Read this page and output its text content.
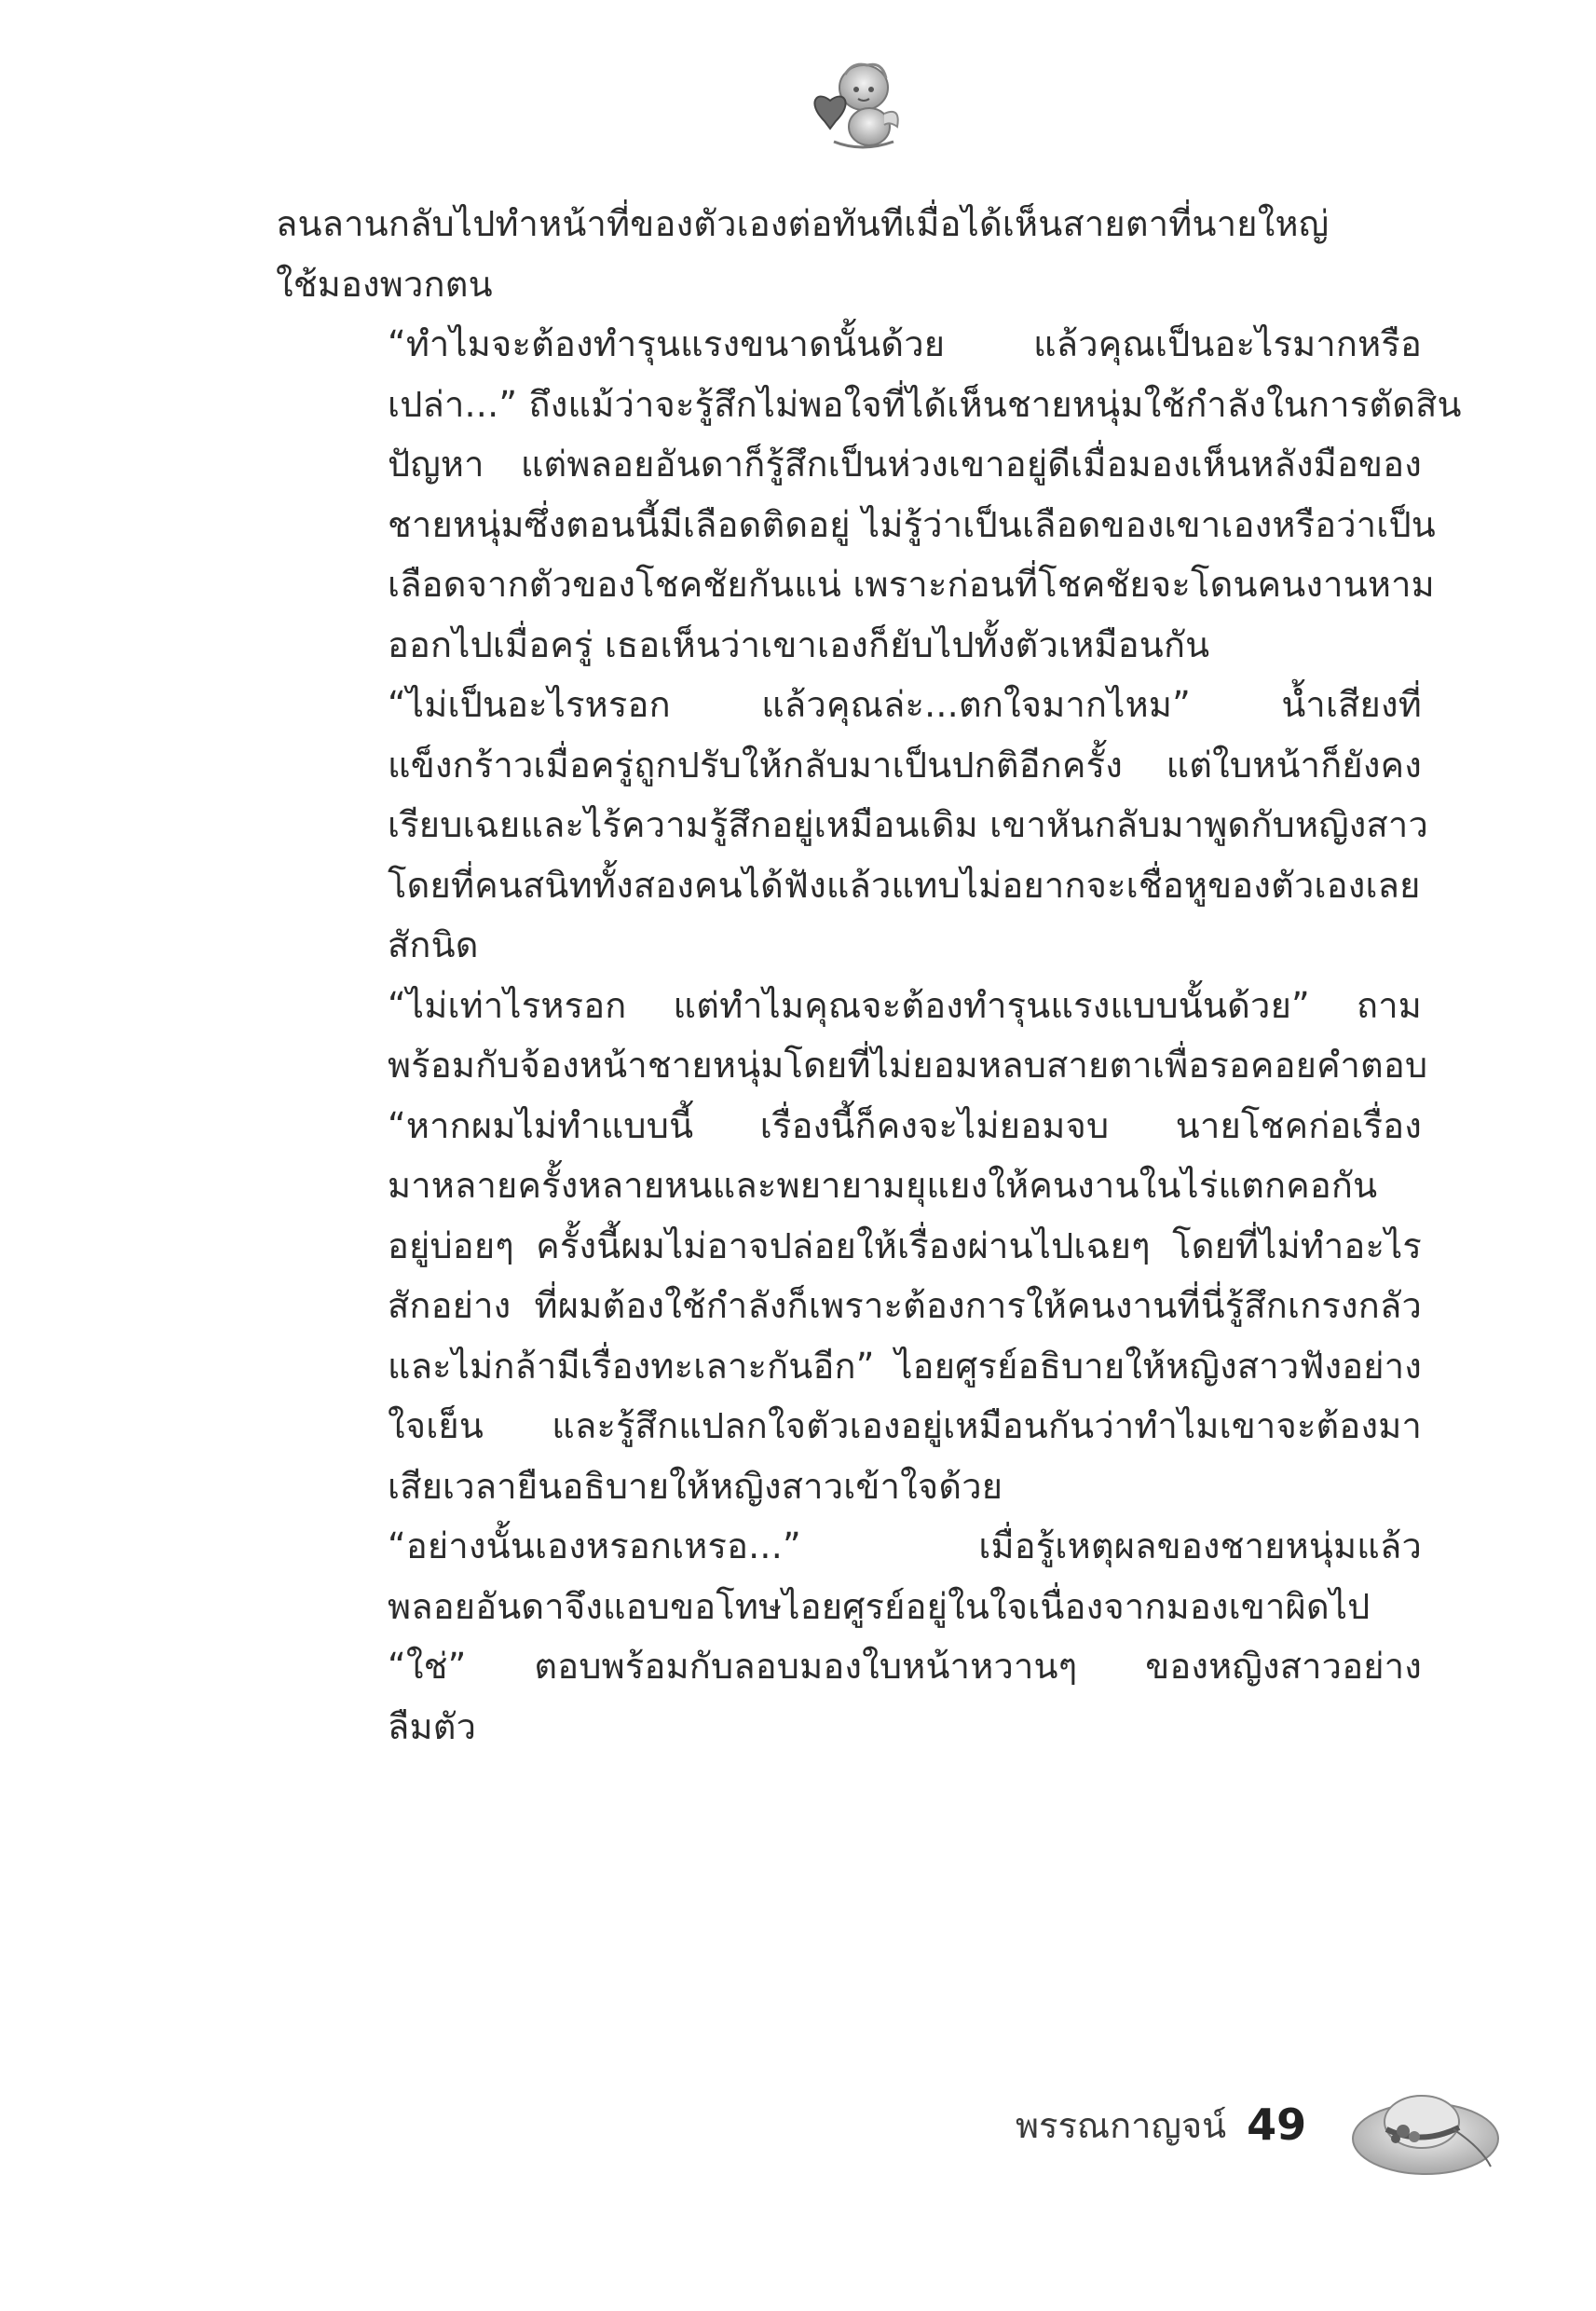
ลนลานกลับไปทำหน้าที่ของตัวเองต่อทันทีเมื่อได้เห็นสายตาที่นายใหญ่
ใช้มองพวกตน
“ทำไมจะต้องทำรุนแรงขนาดนั้นด้วย แล้วคุณเป็นอะไรมากหรือ
เปล่า...” ถึงแม้ว่าจะรู้สึกไม่พอใจที่ได้เห็นชายหนุ่มใช้กำลังในการตัดสิน
ปัญหา แต่พลอยอันดาก็รู้สึกเป็นห่วงเขาอยู่ดีเมื่อมองเห็นหลังมือของ
ชายหนุ่มซึ่งตอนนี้มีเลือดติดอยู่ ไม่รู้ว่าเป็นเลือดของเขาเองหรือว่าเป็น
เลือดจากตัวของโชคชัยกันแน่ เพราะก่อนที่โชคชัยจะโดนคนงานหาม
ออกไปเมื่อครู่ เธอเห็นว่าเขาเองก็ยับไปทั้งตัวเหมือนกัน
“ไม่เป็นอะไรหรอก แล้วคุณล่ะ...ตกใจมากไหม” น้ำเสียงที่
แข็งกร้าวเมื่อครู่ถูกปรับให้กลับมาเป็นปกติอีกครั้ง แต่ใบหน้าก็ยังคง
เรียบเฉยและไร้ความรู้สึกอยู่เหมือนเดิม เขาหันกลับมาพูดกับหญิงสาว
โดยที่คนสนิททั้งสองคนได้ฟังแล้วแทบไม่อยากจะเชื่อหูของตัวเองเลย
สักนิด
“ไม่เท่าไรหรอก แต่ทำไมคุณจะต้องทำรุนแรงแบบนั้นด้วย” ถาม
พร้อมกับจ้องหน้าชายหนุ่มโดยที่ไม่ยอมหลบสายตาเพื่อรอคอยคำตอบ
“หากผมไม่ทำแบบนี้ เรื่องนี้ก็คงจะไม่ยอมจบ นายโชคก่อเรื่อง
มาหลายครั้งหลายหนและพยายามยุแยงให้คนงานในไร่แตกคอกัน
อยู่บ่อยๆ ครั้งนี้ผมไม่อาจปล่อยให้เรื่องผ่านไปเฉยๆ โดยที่ไม่ทำอะไร
สักอย่าง ที่ผมต้องใช้กำลังก็เพราะต้องการให้คนงานที่นี่รู้สึกเกรงกลัว
และไม่กล้ามีเรื่องทะเลาะกันอีก” ไอยศูรย์อธิบายให้หญิงสาวฟังอย่าง
ใจเย็น และรู้สึกแปลกใจตัวเองอยู่เหมือนกันว่าทำไมเขาจะต้องมา
เสียเวลายืนอธิบายให้หญิงสาวเข้าใจด้วย
“อย่างนั้นเองหรอกเหรอ...” เมื่อรู้เหตุผลของชายหนุ่มแล้ว
พลอยอันดาจึงแอบขอโทษไอยศูรย์อยู่ในใจเนื่องจากมองเขาผิดไป
“ใช่” ตอบพร้อมกับลอบมองใบหน้าหวานๆ ของหญิงสาวอย่าง
ลืมตัว
พรรณกาญจน์ 49
